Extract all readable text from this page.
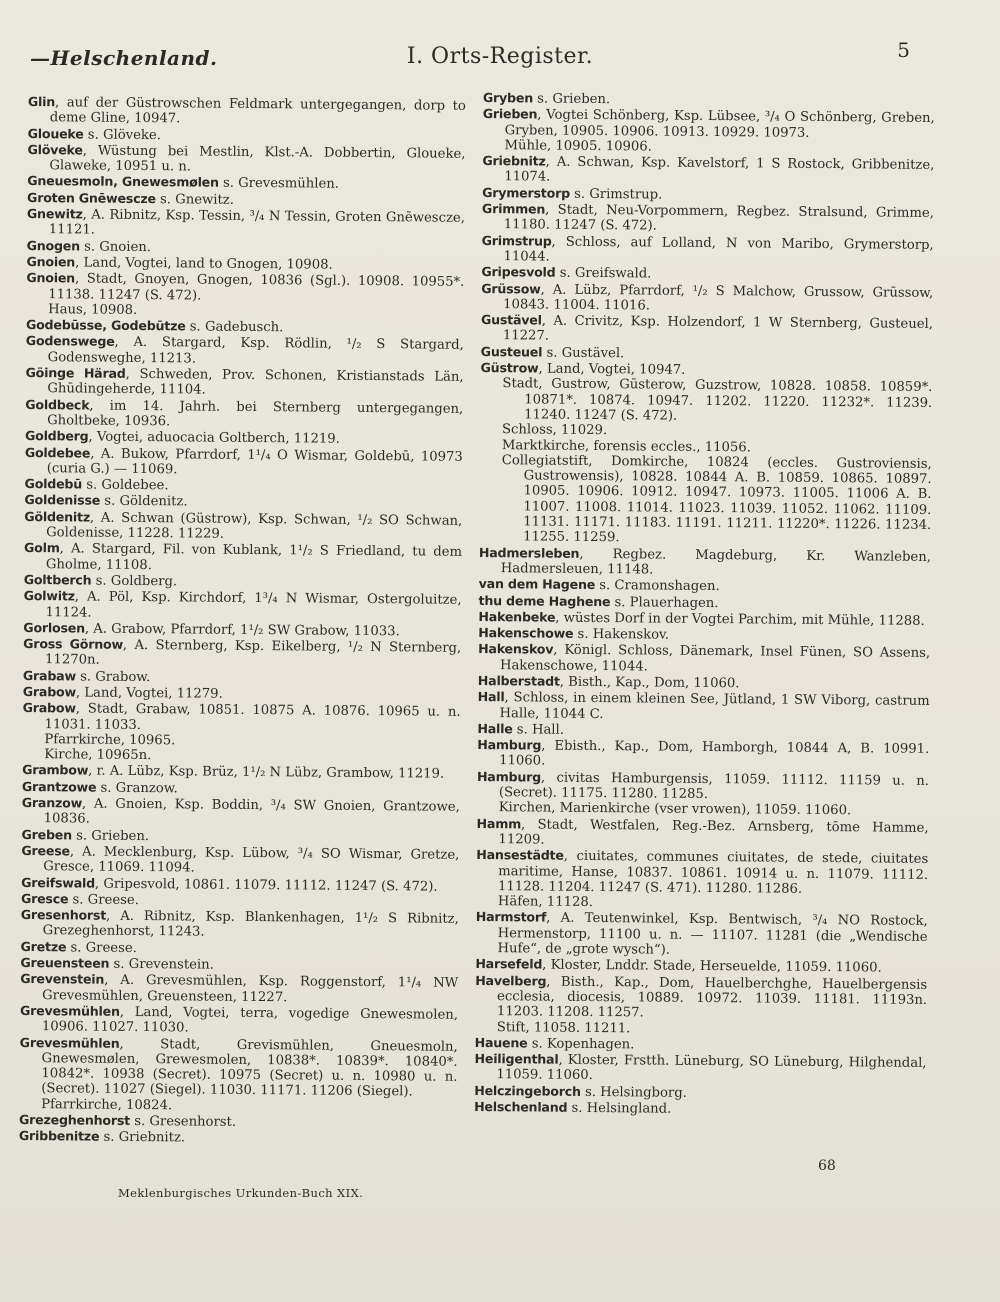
—Helschenland.	I. Orts-Register.	5
Glin, auf der Güstrowschen Feldmark untergegangen, dorp to deme Gline, 10947.
Gloueke s. Glöveke.
Glöveke, Wüstung bei Mestlin, Klst.-A. Dobbertin, Gloueke, Glaweke, 10951 u. n.
Gneuesmoln, Gnewesmølen s. Grevesmühlen.
Groten Gnēwescze s. Gnewitz.
Gnewitz, A. Ribnitz, Ksp. Tessin, ³/₄ N Tessin, Groten Gnēwescze, 11121.
Gnogen s. Gnoien.
Gnoien, Land, Vogtei, land to Gnogen, 10908.
Gnoien, Stadt, Gnoyen, Gnogen, 10836 (Sgl.). 10908. 10955*. 11138. 11247 (S. 472).
Haus, 10908.
Godebūsse, Godebūtze s. Gadebusch.
Godenswege, A. Stargard, Ksp. Rödlin, ¹/₂ S Stargard, Godensweghe, 11213.
Göinge Härad, Schweden, Prov. Schonen, Kristianstads Län, Ghūdingeherde, 11104.
Goldbeck, im 14. Jahrh. bei Sternberg untergegangen, Gholtbeke, 10936.
Goldberg, Vogtei, aduocacia Goltberch, 11219.
Goldebee, A. Bukow, Pfarrdorf, 1¹/₄ O Wismar, Goldebū, 10973 (curia G.) — 11069.
Goldebū s. Goldebee.
Goldenisse s. Göldenitz.
Göldenitz, A. Schwan (Güstrow), Ksp. Schwan, ¹/₂ SO Schwan, Goldenisse, 11228. 11229.
Golm, A. Stargard, Fil. von Kublank, 1¹/₂ S Friedland, tu dem Gholme, 11108.
Goltberch s. Goldberg.
Golwitz, A. Pöl, Ksp. Kirchdorf, 1³/₄ N Wismar, Ostergoluitze, 11124.
Gorlosen, A. Grabow, Pfarrdorf, 1¹/₂ SW Grabow, 11033.
Gross Görnow, A. Sternberg, Ksp. Eikelberg, ¹/₂ N Sternberg, 11270n.
Grabaw s. Grabow.
Grabow, Land, Vogtei, 11279.
Grabow, Stadt, Grabaw, 10851. 10875 A. 10876. 10965 u. n. 11031. 11033.
Pfarrkirche, 10965.
Kirche, 10965n.
Grambow, r. A. Lübz, Ksp. Brüz, 1¹/₂ N Lübz, Grambow, 11219.
Grantzowe s. Granzow.
Granzow, A. Gnoien, Ksp. Boddin, ³/₄ SW Gnoien, Grantzowe, 10836.
Greben s. Grieben.
Greese, A. Mecklenburg, Ksp. Lübow, ³/₄ SO Wismar, Gretze, Gresce, 11069. 11094.
Greifswald, Gripesvold, 10861. 11079. 11112. 11247 (S. 472).
Gresce s. Greese.
Gresenhorst, A. Ribnitz, Ksp. Blankenhagen, 1¹/₂ S Ribnitz, Grezeghenhorst, 11243.
Gretze s. Greese.
Greuensteen s. Grevenstein.
Grevenstein, A. Grevesmühlen, Ksp. Roggenstorf, 1¹/₄ NW Grevesmühlen, Greuensteen, 11227.
Grevesmühlen, Land, Vogtei, terra, vogedige Gnewesmolen, 10906. 11027. 11030.
Grevesmühlen, Stadt, Grevismühlen, Gneuesmoln, Gnewesmølen, Grewesmolen, 10838*. 10839*. 10840*. 10842*. 10938 (Secret). 10975 (Secret) u. n. 10980 u. n. (Secret). 11027 (Siegel). 11030. 11171. 11206 (Siegel).
Pfarrkirche, 10824.
Grezeghenhorst s. Gresenhorst.
Gribbenitze s. Griebnitz.
Gryben s. Grieben.
Grieben, Vogtei Schönberg, Ksp. Lübsee, ³/₄ O Schönberg, Greben, Gryben, 10905. 10906. 10913. 10929. 10973.
Mühle, 10905. 10906.
Griebnitz, A. Schwan, Ksp. Kavelstorf, 1 S Rostock, Gribbenitze, 11074.
Grymerstorp s. Grimstrup.
Grimmen, Stadt, Neu-Vorpommern, Regbez. Stralsund, Grimme, 11180. 11247 (S. 472).
Grimstrup, Schloss, auf Lolland, N von Maribo, Grymerstorp, 11044.
Gripesvold s. Greifswald.
Grüssow, A. Lübz, Pfarrdorf, ¹/₂ S Malchow, Grussow, Grūssow, 10843. 11004. 11016.
Gustävel, A. Crivitz, Ksp. Holzendorf, 1 W Sternberg, Gusteuel, 11227.
Gusteuel s. Gustävel.
Güstrow, Land, Vogtei, 10947.
Stadt, Gustrow, Gūsterow, Guzstrow, 10828. 10858. 10859*. 10871*. 10874. 10947. 11202. 11220. 11232*. 11239. 11240. 11247 (S. 472).
Schloss, 11029.
Marktkirche, forensis eccles., 11056.
Collegiatstift, Domkirche, 10824 (eccles. Gustroviensis, Gustrowensis), 10828. 10844 A. B. 10859. 10865. 10897. 10905. 10906. 10912. 10947. 10973. 11005. 11006 A. B. 11007. 11008. 11014. 11023. 11039. 11052. 11062. 11109. 11131. 11171. 11183. 11191. 11211. 11220*. 11226. 11234. 11255. 11259.
Hadmersleben, Regbez. Magdeburg, Kr. Wanzleben, Hadmersleuen, 11148.
van dem Hagene s. Cramonshagen.
thu deme Haghene s. Plauerhagen.
Hakenbeke, wüstes Dorf in der Vogtei Parchim, mit Mühle, 11288.
Hakenschowe s. Hakenskov.
Hakenskov, Königl. Schloss, Dänemark, Insel Fünen, SO Assens, Hakenschowe, 11044.
Halberstadt, Bisth., Kap., Dom, 11060.
Hall, Schloss, in einem kleinen See, Jütland, 1 SW Viborg, castrum Halle, 11044 C.
Halle s. Hall.
Hamburg, Ebisth., Kap., Dom, Hamborgh, 10844 A, B. 10991. 11060.
Hamburg, civitas Hamburgensis, 11059. 11112. 11159 u. n. (Secret). 11175. 11280. 11285.
Kirchen, Marienkirche (vser vrowen), 11059. 11060.
Hamm, Stadt, Westfalen, Reg.-Bez. Arnsberg, tōme Hamme, 11209.
Hansestädte, ciuitates, communes ciuitates, de stede, ciuitates maritime, Hanse, 10837. 10861. 10914 u. n. 11079. 11112. 11128. 11204. 11247 (S. 471). 11280. 11286.
Häfen, 11128.
Harmstorf, A. Teutenwinkel, Ksp. Bentwisch, ³/₄ NO Rostock, Hermenstorp, 11100 u. n. — 11107. 11281 (die „Wendische Hufe“, de „grote wysch“).
Harsefeld, Kloster, Lnddr. Stade, Herseuelde, 11059. 11060.
Havelberg, Bisth., Kap., Dom, Hauelberchghe, Hauelbergensis ecclesia, diocesis, 10889. 10972. 11039. 11181. 11193n. 11203. 11208. 11257.
Stift, 11058. 11211.
Hauene s. Kopenhagen.
Heiligenthal, Kloster, Frstth. Lüneburg, SO Lüneburg, Hilghendal, 11059. 11060.
Helczingeborch s. Helsingborg.
Helschenland s. Helsingland.
68
Meklenburgisches Urkunden-Buch XIX.
